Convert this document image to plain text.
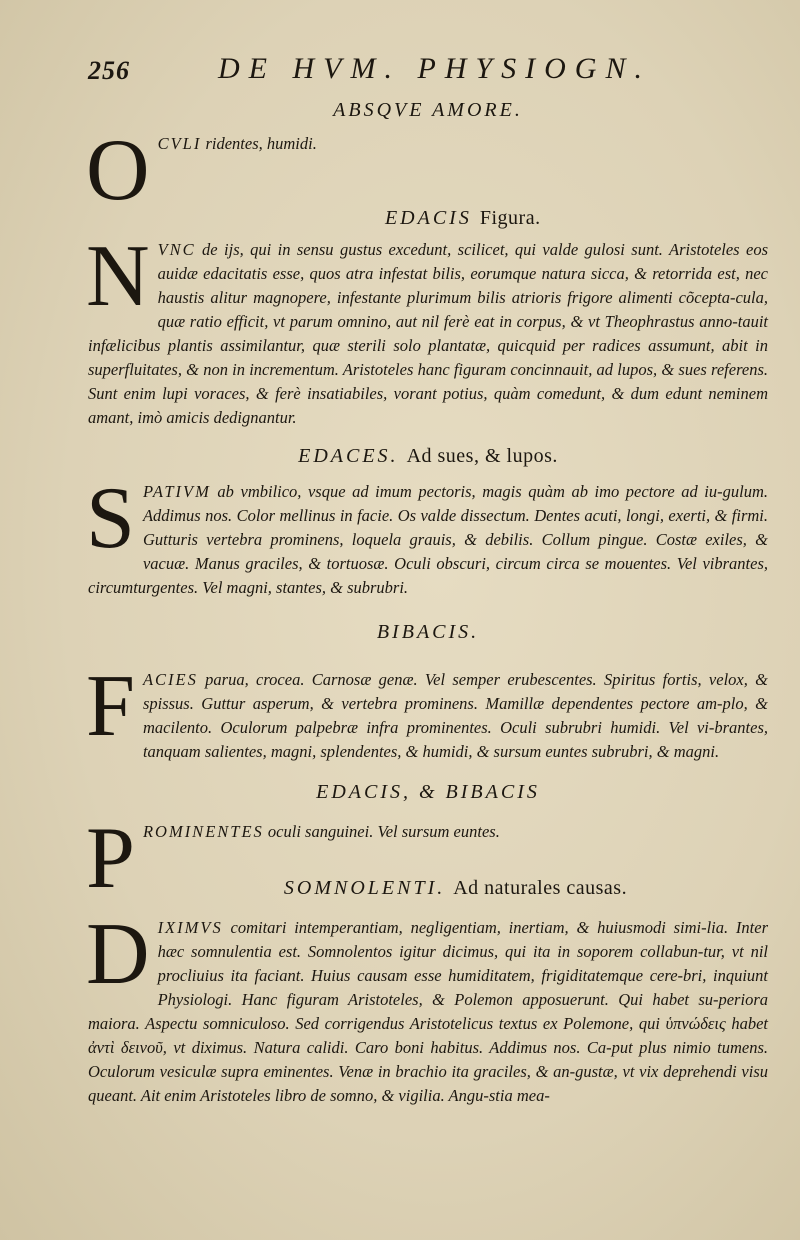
256	DE HVM. PHYSIOGN.

ABSQVE AMORE.

OCVLI ridentes, humidi.

EDACIS Figura.

NVNC de ijs, qui in sensu gustus excedunt, scilicet, qui valde gulosi sunt. Aristoteles eos auidæ edacitatis esse, quos atra infestat bilis, eorumque natura sicca, & retorrida est, nec haustis alitur magnopere, infestante plurimum bilis atrioris frigore alimenti cõcepta-cula, quæ ratio efficit, vt parum omnino, aut nil ferè eat in corpus, & vt Theophrastus anno-tauit infælicibus plantis assimilantur, quæ sterili solo plantatæ, quicquid per radices assumunt, abit in superfluitates, & non in incrementum. Aristoteles hanc figuram concinnauit, ad lupos, & sues referens. Sunt enim lupi voraces, & ferè insatiabiles, vorant potius, quàm comedunt, & dum edunt neminem amant, imò amicis dedignantur.

EDACES. Ad sues, & lupos.

SPATIVM ab vmbilico, vsque ad imum pectoris, magis quàm ab imo pectore ad iu-gulum. Addimus nos. Color mellinus in facie. Os valde dissectum. Dentes acuti, longi, exerti, & firmi. Gutturis vertebra prominens, loquela grauis, & debilis. Collum pingue. Costæ exiles, & vacuæ. Manus graciles, & tortuosæ. Oculi obscuri, circum circa se mouentes. Vel vibrantes, circumturgentes. Vel magni, stantes, & subrubri.

BIBACIS.

FACIES parua, crocea. Carnosæ genæ. Vel semper erubescentes. Spiritus fortis, velox, & spissus. Guttur asperum, & vertebra prominens. Mamillæ dependentes pectore am-plo, & macilento. Oculorum palpebræ infra prominentes. Oculi subrubri humidi. Vel vi-brantes, tanquam salientes, magni, splendentes, & humidi, & sursum euntes subrubri, & magni.

EDACIS, & BIBACIS

PROMINENTES oculi sanguinei. Vel sursum euntes.

SOMNOLENTI. Ad naturales causas.

DIXIMVS comitari intemperantiam, negligentiam, inertiam, & huiusmodi simi-lia. Inter hæc somnulentia est. Somnolentos igitur dicimus, qui ita in soporem collabun-tur, vt nil procliuius ita faciant. Huius causam esse humiditatem, frigiditatemque cere-bri, inquiunt Physiologi. Hanc figuram Aristoteles, & Polemon apposuerunt. Qui habet su-periora maiora. Aspectu somniculoso. Sed corrigendus Aristotelicus textus ex Polemone, qui ὑπνώδεις habet ἀντὶ δεινοῦ, vt diximus. Natura calidi. Caro boni habitus. Addimus nos. Ca-put plus nimio tumens. Oculorum vesiculæ supra eminentes. Venæ in brachio ita graciles, & an-gustæ, vt vix deprehendi visu queant. Ait enim Aristoteles libro de somno, & vigilia. Angu-stia mea-
